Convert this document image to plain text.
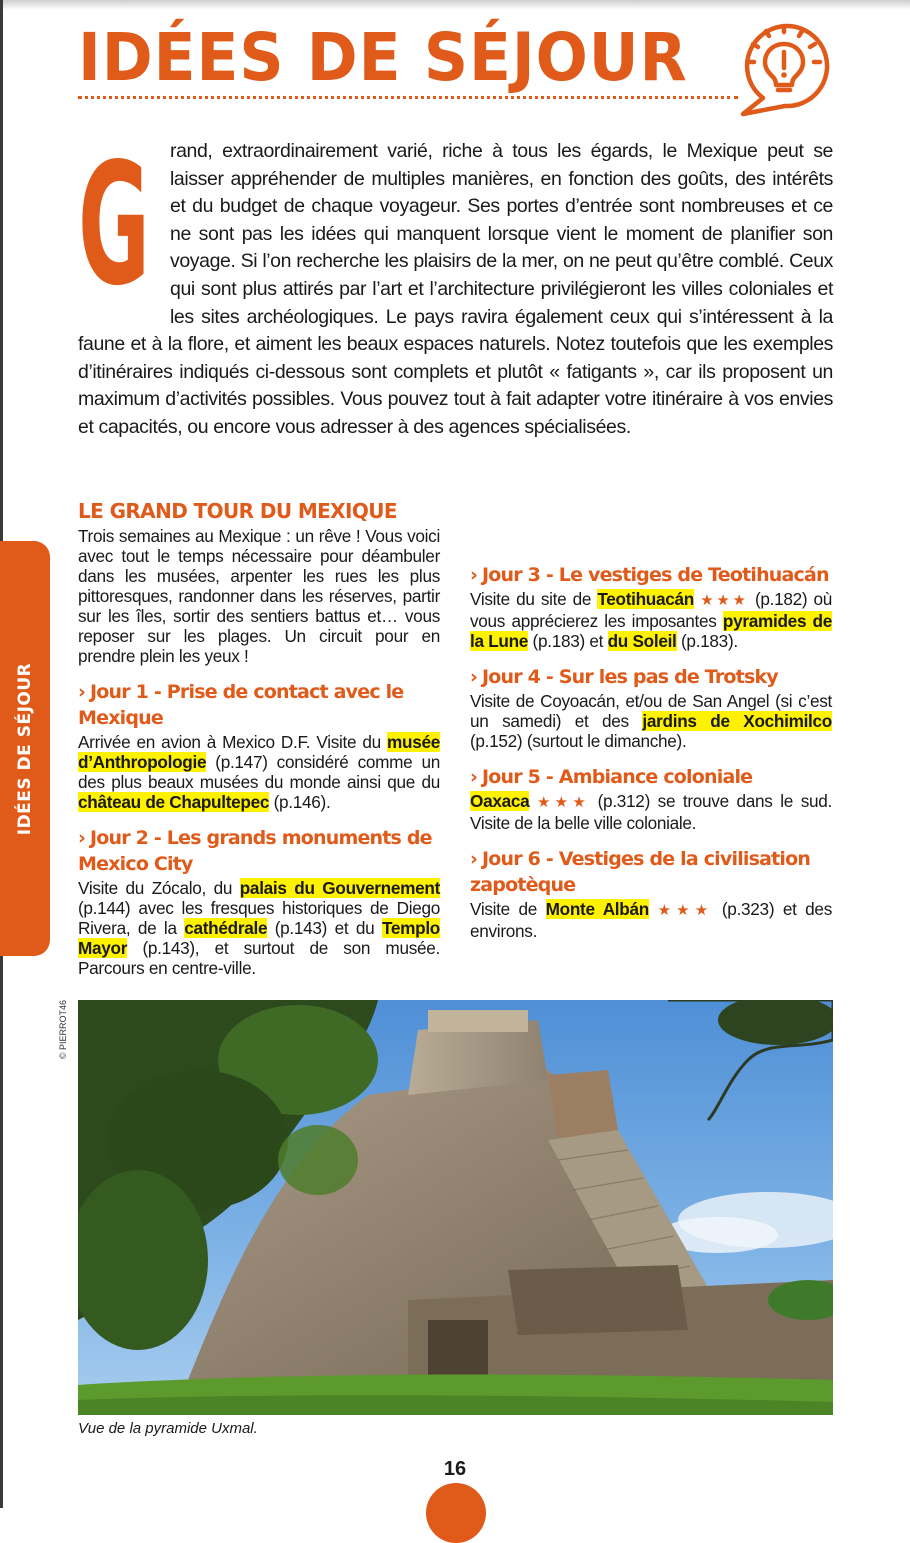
IDÉES DE SÉJOUR
G rand, extraordinairement varié, riche à tous les égards, le Mexique peut se laisser appréhender de multiples manières, en fonction des goûts, des intérêts et du budget de chaque voyageur. Ses portes d’entrée sont nombreuses et ce ne sont pas les idées qui manquent lorsque vient le moment de planifier son voyage. Si l’on recherche les plaisirs de la mer, on ne peut qu’être comblé. Ceux qui sont plus attirés par l’art et l’architecture privilégieront les villes coloniales et les sites archéologiques. Le pays ravira également ceux qui s’intéressent à la faune et à la flore, et aiment les beaux espaces naturels. Notez toutefois que les exemples d’itinéraires indiqués ci-dessous sont complets et plutôt « fatigants », car ils proposent un maximum d’activités possibles. Vous pouvez tout à fait adapter votre itinéraire à vos envies et capacités, ou encore vous adresser à des agences spécialisées.
IDÉES DE SÉJOUR
LE GRAND TOUR DU MEXIQUE

Trois semaines au Mexique : un rêve ! Vous voici avec tout le temps nécessaire pour déambuler dans les musées, arpenter les rues les plus pittoresques, randonner dans les réserves, partir sur les îles, sortir des sentiers battus et… vous reposer sur les plages. Un circuit pour en prendre plein les yeux !

› Jour 1 - Prise de contact avec le Mexique

Arrivée en avion à Mexico D.F. Visite du musée d’Anthropologie (p.147) considéré comme un des plus beaux musées du monde ainsi que du château de Chapultepec (p.146).

› Jour 2 - Les grands monuments de Mexico City

Visite du Zócalo, du palais du Gouvernement (p.144) avec les fresques historiques de Diego Rivera, de la cathédrale (p.143) et du Templo Mayor (p.143), et surtout de son musée. Parcours en centre-ville.

› Jour 3 - Le vestiges de Teotihuacán

Visite du site de Teotihuacán ★★★ (p.182) où vous apprécierez les imposantes pyramides de la Lune (p.183) et du Soleil (p.183).

› Jour 4 - Sur les pas de Trotsky

Visite de Coyoacán, et/ou de San Angel (si c’est un samedi) et des jardins de Xochimilco (p.152) (surtout le dimanche).

› Jour 5 - Ambiance coloniale

Oaxaca ★★★ (p.312) se trouve dans le sud. Visite de la belle ville coloniale.

› Jour 6 - Vestiges de la civilisation zapotèque

Visite de Monte Albán ★★★ (p.323) et des environs.

© PIERROT46
Vue de la pyramide Uxmal.
16
